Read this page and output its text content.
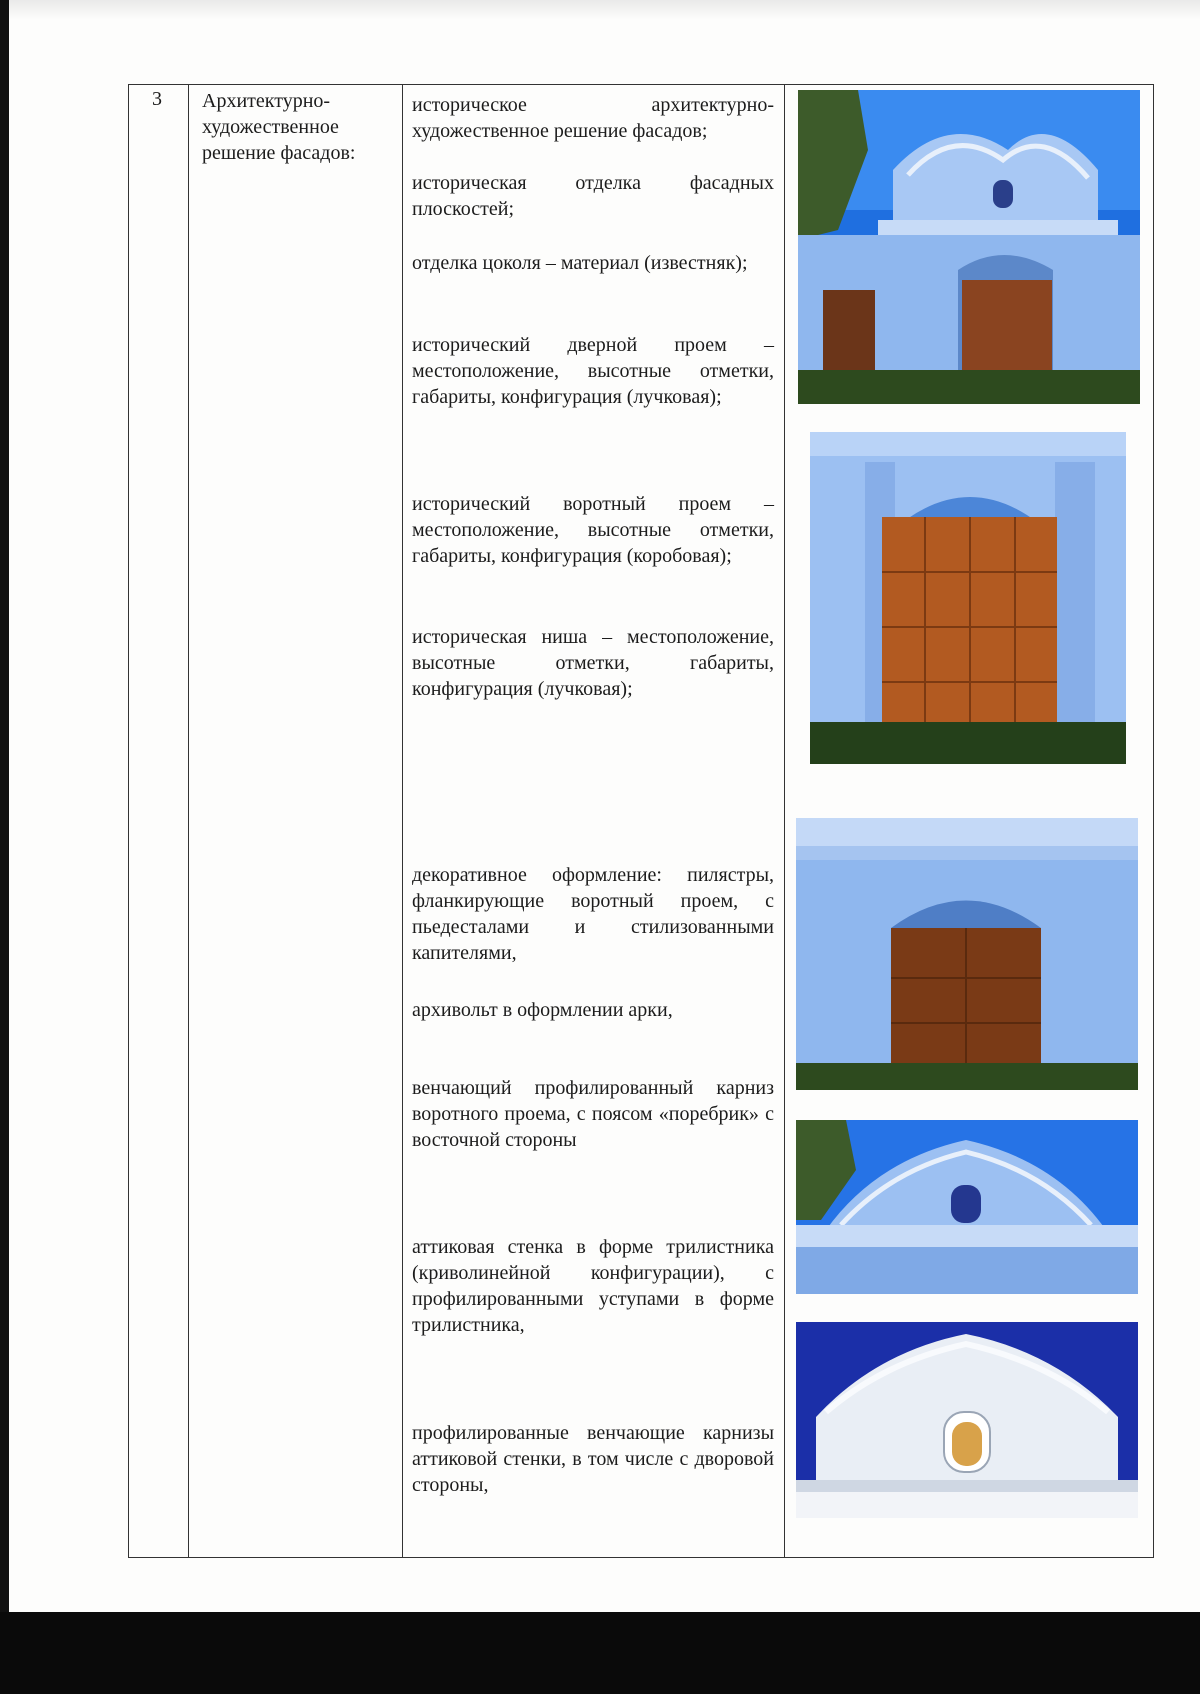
3 Архитектурно-художественное решение фасадов:
историческое архитектурно-художественное решение фасадов;
историческая отделка фасадных плоскостей;
отделка цоколя – материал (известняк);
исторический дверной проем – местоположение, высотные отметки, габариты, конфигурация (лучковая);
исторический воротный проем – местоположение, высотные отметки, габариты, конфигурация (коробовая);
историческая ниша – местоположение, высотные отметки, габариты, конфигурация (лучковая);
декоративное оформление: пилястры, фланкирующие воротный проем, с пьедесталами и стилизованными капителями,
архивольт в оформлении арки,
венчающий профилированный карниз воротного проема, с поясом «поребрик» с восточной стороны
аттиковая стенка в форме трилистника (криволинейной конфигурации), с профилированными уступами в форме трилистника,
профилированные венчающие карнизы аттиковой стенки, в том числе с дворовой стороны,
